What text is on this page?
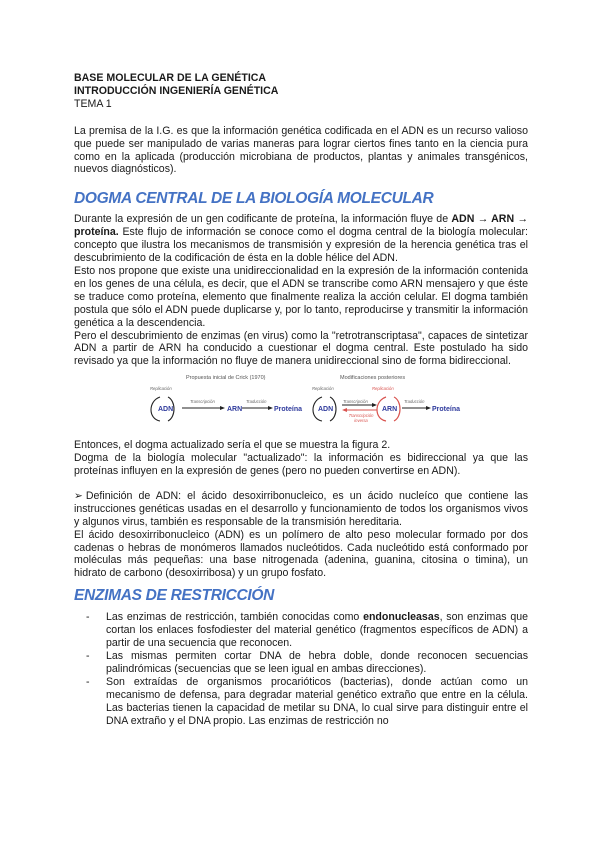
BASE MOLECULAR DE LA GENÉTICA
INTRODUCCIÓN INGENIERÍA GENÉTICA
TEMA 1

La premisa de la I.G. es que la información genética codificada en el ADN es un recurso valioso que puede ser manipulado de varias maneras para lograr ciertos fines tanto en la ciencia pura como en la aplicada (producción microbiana de productos, plantas y animales transgénicos, nuevos diagnósticos).

DOGMA CENTRAL DE LA BIOLOGÍA MOLECULAR

Durante la expresión de un gen codificante de proteína, la información fluye de ADN → ARN → proteína. Este flujo de información se conoce como el dogma central de la biología molecular: concepto que ilustra los mecanismos de transmisión y expresión de la herencia genética tras el descubrimiento de la codificación de ésta en la doble hélice del ADN.

Esto nos propone que existe una unidireccionalidad en la expresión de la información contenida en los genes de una célula, es decir, que el ADN se transcribe como ARN mensajero y que éste se traduce como proteína, elemento que finalmente realiza la acción celular. El dogma también postula que sólo el ADN puede duplicarse y, por lo tanto, reproducirse y transmitir la información genética a la descendencia.

Pero el descubrimiento de enzimas (en virus) como la "retrotranscriptasa", capaces de sintetizar ADN a partir de ARN ha conducido a cuestionar el dogma central. Este postulado ha sido revisado ya que la información no fluye de manera unidireccional sino de forma bidireccional.

Propuesta inicial de Crick (1970)
Replicación
Transcripción	Traducción
ADN	ARN	Proteína
Modificaciones posteriores
Replicación	Replicación
Transcripción
Transcripción inversa
Traducción
ADN	ARN	Proteína

Entonces, el dogma actualizado sería el que se muestra la figura 2.

Dogma de la biología molecular "actualizado": la información es bidireccional ya que las proteínas influyen en la expresión de genes (pero no pueden convertirse en ADN).

➢ Definición de ADN: el ácido desoxirribonucleico, es un ácido nucleíco que contiene las instrucciones genéticas usadas en el desarrollo y funcionamiento de todos los organismos vivos y algunos virus, también es responsable de la transmisión hereditaria.

El ácido desoxirribonucleico (ADN) es un polímero de alto peso molecular formado por dos cadenas o hebras de monómeros llamados nucleótidos. Cada nucleótido está conformado por moléculas más pequeñas: una base nitrogenada (adenina, guanina, citosina o timina), un hidrato de carbono (desoxirribosa) y un grupo fosfato.

ENZIMAS DE RESTRICCIÓN
- Las enzimas de restricción, también conocidas como endonucleasas, son enzimas que cortan los enlaces fosfodiester del material genético (fragmentos específicos de ADN) a partir de una secuencia que reconocen.
- Las mismas permiten cortar DNA de hebra doble, donde reconocen secuencias palindrómicas (secuencias que se leen igual en ambas direcciones).
- Son extraídas de organismos procarióticos (bacterias), donde actúan como un mecanismo de defensa, para degradar material genético extraño que entre en la célula. Las bacterias tienen la capacidad de metilar su DNA, lo cual sirve para distinguir entre el DNA extraño y el DNA propio. Las enzimas de restricción no
